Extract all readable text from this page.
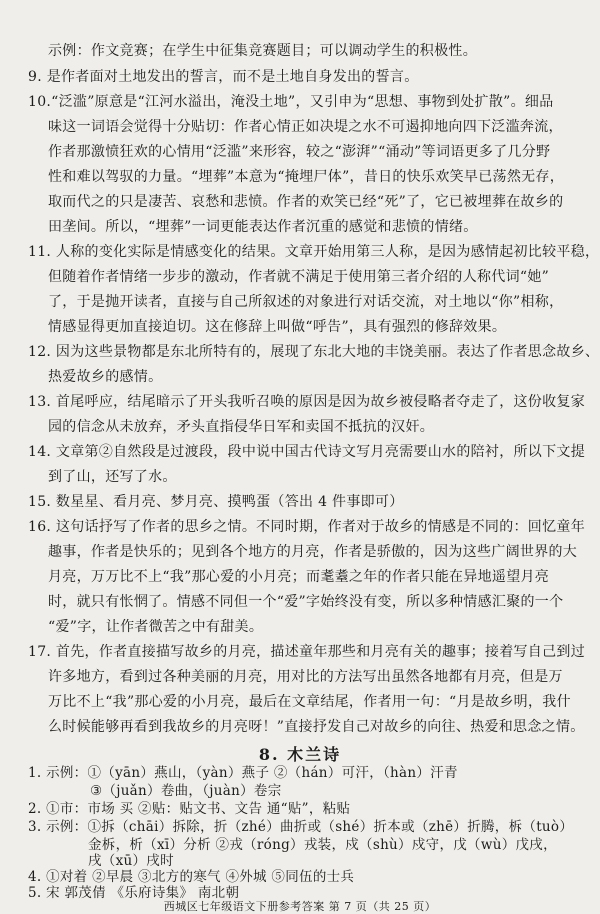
示例：作文竞赛；在学生中征集竞赛题目；可以调动学生的积极性。
9. 是作者面对土地发出的誓言，而不是土地自身发出的誓言。
10.“泛滥”原意是“江河水溢出，淹没土地”，又引申为“思想、事物到处扩散”。细品
味这一词语会觉得十分贴切：作者心情正如决堤之水不可遏抑地向四下泛滥奔流，
作者那激愤狂欢的心情用“泛滥”来形容，较之“澎湃”“涌动”等词语更多了几分野
性和难以驾驭的力量。“埋葬”本意为“掩埋尸体”，昔日的快乐欢笑早已荡然无存，
取而代之的只是凄苦、哀愁和悲愤。作者的欢笑已经“死”了，它已被埋葬在故乡的
田垄间。所以，“埋葬”一词更能表达作者沉重的感觉和悲愤的情绪。
11. 人称的变化实际是情感变化的结果。文章开始用第三人称，是因为感情起初比较平稳，
但随着作者情绪一步步的激动，作者就不满足于使用第三者介绍的人称代词“她”
了，于是抛开读者，直接与自己所叙述的对象进行对话交流，对土地以“你”相称，
情感显得更加直接迫切。这在修辞上叫做“呼告”，具有强烈的修辞效果。
12. 因为这些景物都是东北所特有的，展现了东北大地的丰饶美丽。表达了作者思念故乡、
热爱故乡的感情。
13. 首尾呼应，结尾暗示了开头我听召唤的原因是因为故乡被侵略者夺走了，这份收复家
园的信念从未放弃，矛头直指侵华日军和卖国不抵抗的汉奸。
14. 文章第②自然段是过渡段，段中说中国古代诗文写月亮需要山水的陪衬，所以下文提
到了山，还写了水。
15. 数星星、看月亮、梦月亮、摸鸭蛋（答出 4 件事即可）
16. 这句话抒写了作者的思乡之情。不同时期，作者对于故乡的情感是不同的：回忆童年
趣事，作者是快乐的；见到各个地方的月亮，作者是骄傲的，因为这些广阔世界的大
月亮，万万比不上“我”那心爱的小月亮；而耄耋之年的作者只能在异地遥望月亮
时，就只有怅惘了。情感不同但一个“爱”字始终没有变，所以多种情感汇聚的一个
“爱”字，让作者微苦之中有甜美。
17. 首先，作者直接描写故乡的月亮，描述童年那些和月亮有关的趣事；接着写自己到过
许多地方，看到过各种美丽的月亮，用对比的方法写出虽然各地都有月亮，但是万
万比不上“我”那心爱的小月亮，最后在文章结尾，作者用一句：“月是故乡明，我什
么时候能够再看到我故乡的月亮呀！”直接抒发自己对故乡的向往、热爱和思念之情。
8. 木兰诗
1. 示例：①（yān）燕山，（yàn）燕子 ②（hán）可汗，（hàn）汗青
③（juǎn）卷曲，（juàn）卷宗
2. ①市：市场 买 ②贴：贴文书、文告 通“贴”，粘贴
3. 示例：①拆（chāi）拆除，折（zhé）曲折或（shé）折本或（zhē）折腾，柝（tuò）
金柝，析（xī）分析 ②戎（róng）戎装，戍（shù）戍守，戊（wù）戊戌，
戌（xū）戌时
4. ①对着 ②早晨 ③北方的寒气 ④外城 ⑤同伍的士兵
5. 宋 郭茂倩 《乐府诗集》 南北朝
西城区七年级语文下册参考答案 第 7 页（共 25 页）
